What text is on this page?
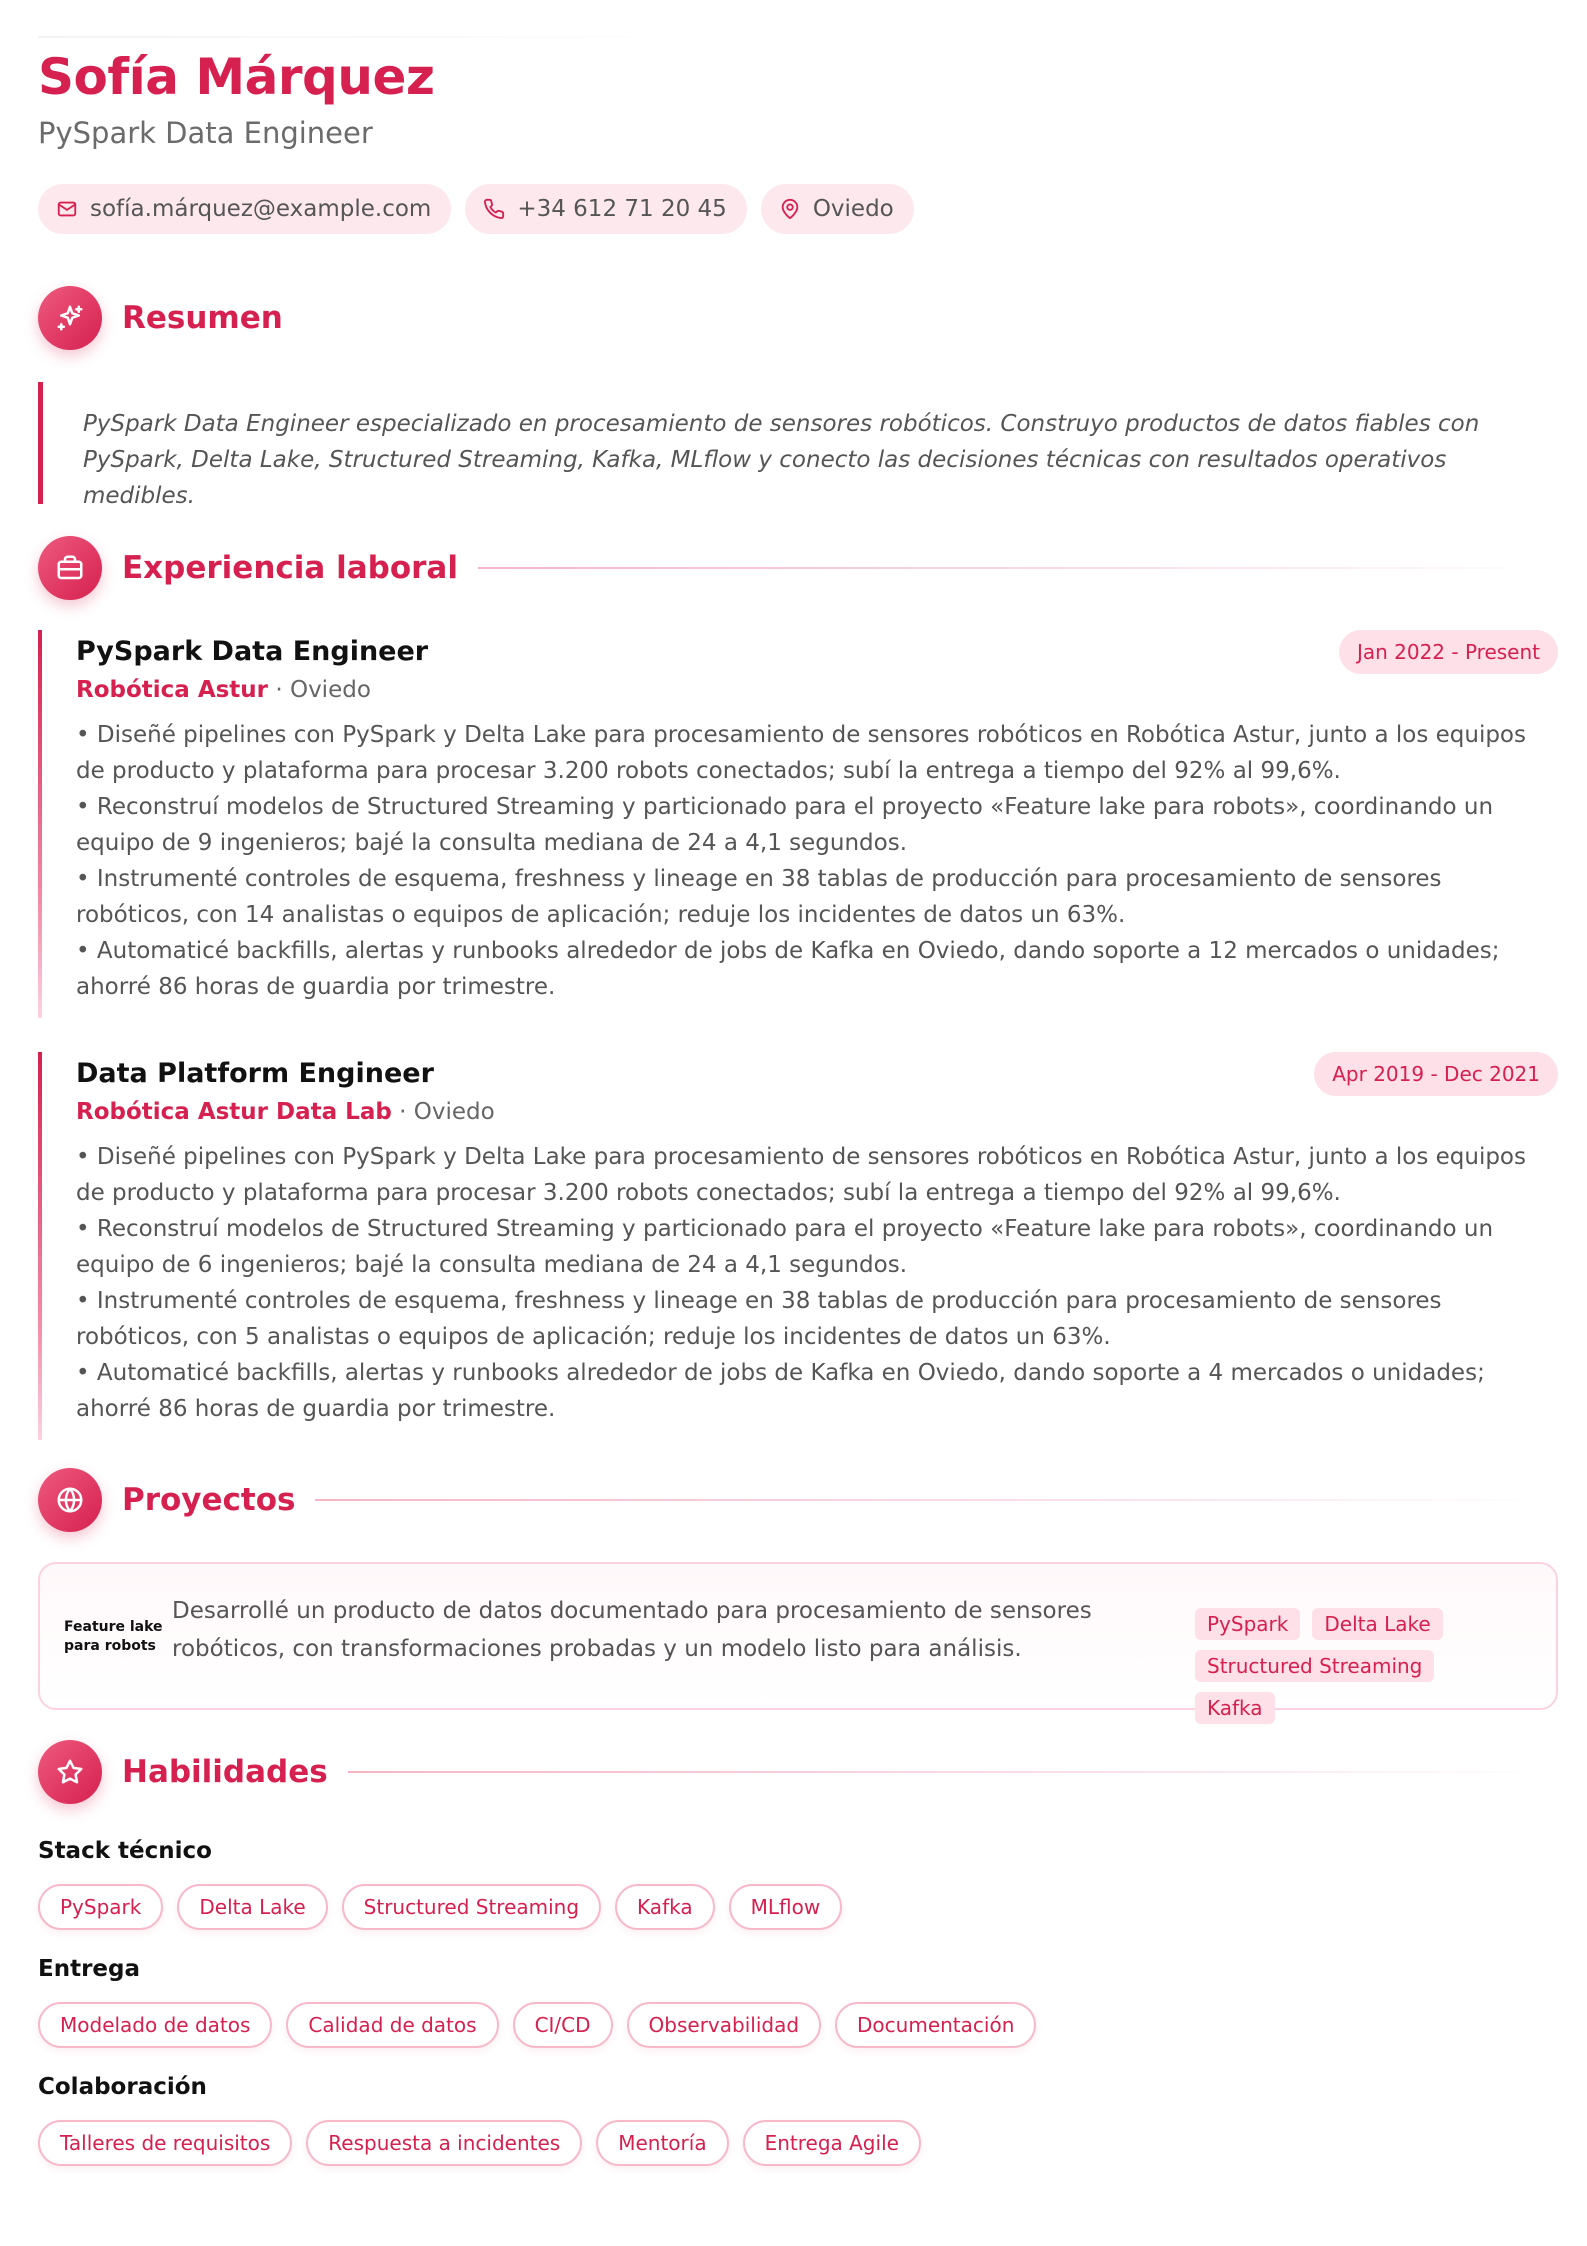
Sofía Márquez
PySpark Data Engineer
sofía.márquez@example.com	+34 612 71 20 45	Oviedo
Resumen

PySpark Data Engineer especializado en procesamiento de sensores robóticos. Construyo productos de datos fiables con PySpark, Delta Lake, Structured Streaming, Kafka, MLflow y conecto las decisiones técnicas con resultados operativos medibles.

Experiencia laboral
Jan 2022 - Present
PySpark Data Engineer
Robótica Astur · Oviedo
• Diseñé pipelines con PySpark y Delta Lake para procesamiento de sensores robóticos en Robótica Astur, junto a los equipos de producto y plataforma para procesar 3.200 robots conectados; subí la entrega a tiempo del 92% al 99,6%.
• Reconstruí modelos de Structured Streaming y particionado para el proyecto «Feature lake para robots», coordinando un equipo de 9 ingenieros; bajé la consulta mediana de 24 a 4,1 segundos.
• Instrumenté controles de esquema, freshness y lineage en 38 tablas de producción para procesamiento de sensores robóticos, con 14 analistas o equipos de aplicación; reduje los incidentes de datos un 63%.
• Automaticé backfills, alertas y runbooks alrededor de jobs de Kafka en Oviedo, dando soporte a 12 mercados o unidades; ahorré 86 horas de guardia por trimestre.
Apr 2019 - Dec 2021
Data Platform Engineer
Robótica Astur Data Lab · Oviedo
• Diseñé pipelines con PySpark y Delta Lake para procesamiento de sensores robóticos en Robótica Astur, junto a los equipos de producto y plataforma para procesar 3.200 robots conectados; subí la entrega a tiempo del 92% al 99,6%.
• Reconstruí modelos de Structured Streaming y particionado para el proyecto «Feature lake para robots», coordinando un equipo de 6 ingenieros; bajé la consulta mediana de 24 a 4,1 segundos.
• Instrumenté controles de esquema, freshness y lineage en 38 tablas de producción para procesamiento de sensores robóticos, con 5 analistas o equipos de aplicación; reduje los incidentes de datos un 63%.
• Automaticé backfills, alertas y runbooks alrededor de jobs de Kafka en Oviedo, dando soporte a 4 mercados o unidades; ahorré 86 horas de guardia por trimestre.
Proyectos
Feature lake para robots
Desarrollé un producto de datos documentado para procesamiento de sensores robóticos, con transformaciones probadas y un modelo listo para análisis.
PySpark	Delta Lake
Structured Streaming
Kafka
Habilidades
Stack técnico
PySpark	Delta Lake	Structured Streaming	Kafka	MLflow
Entrega
Modelado de datos	Calidad de datos	CI/CD	Observabilidad	Documentación
Colaboración
Talleres de requisitos	Respuesta a incidentes	Mentoría	Entrega Agile
